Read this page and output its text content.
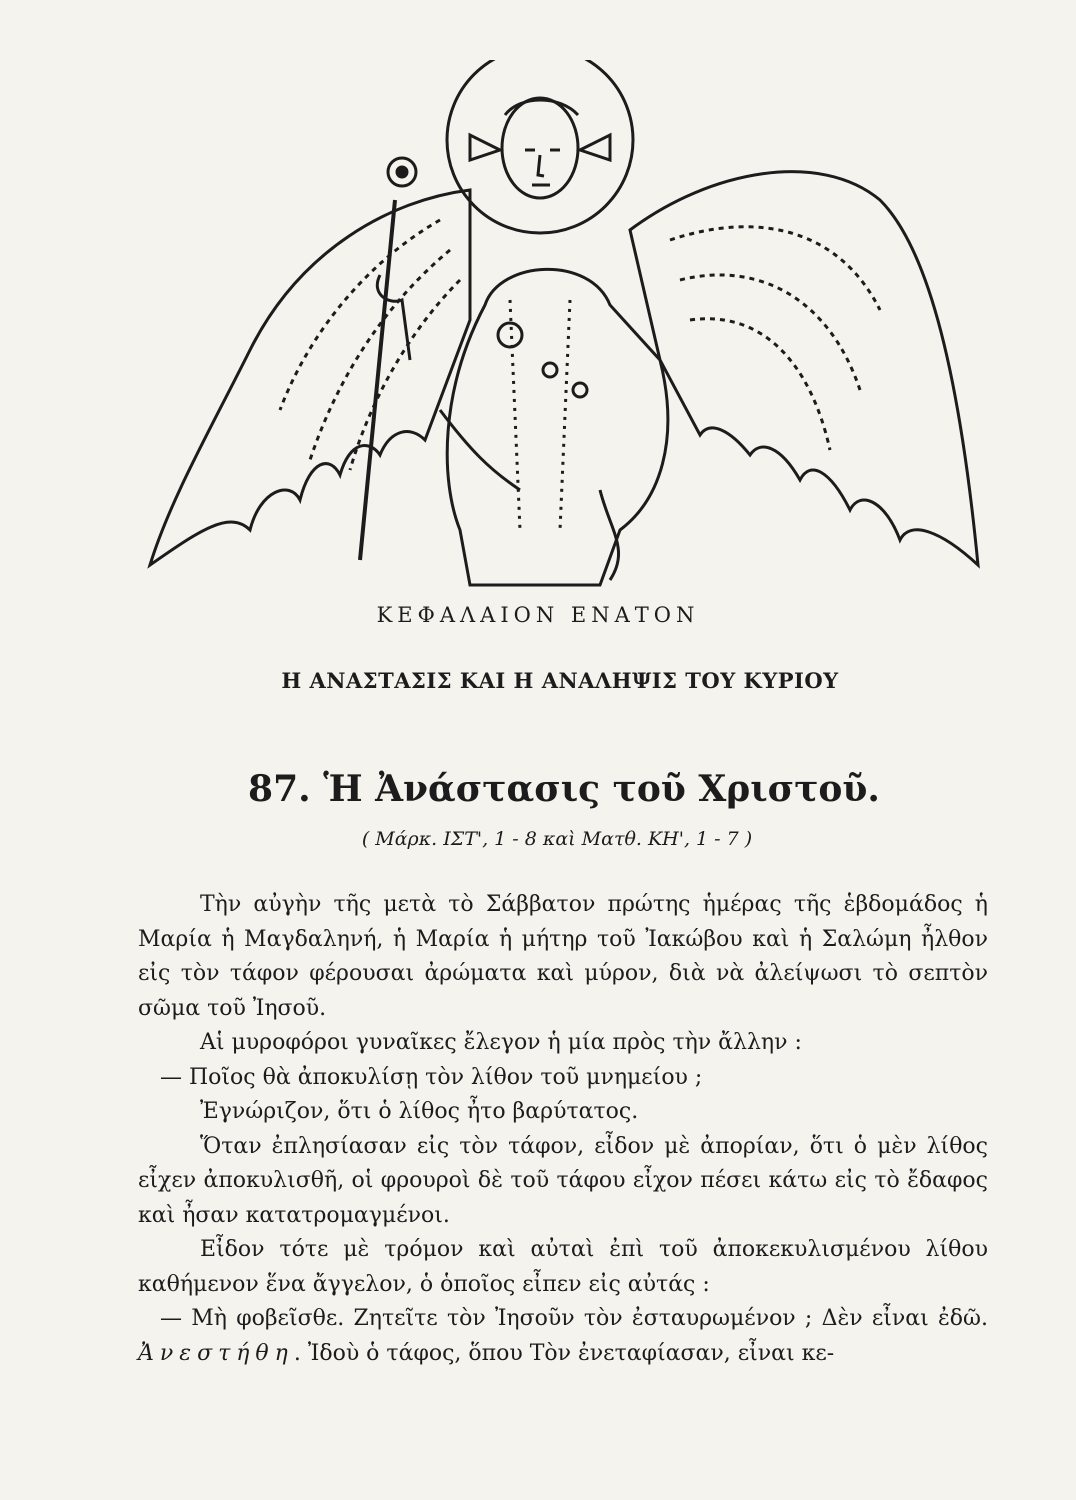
ΚΕΦΑΛΑΙΟΝ ΕΝΑΤΟΝ
Η ΑΝΑΣΤΑΣΙΣ ΚΑΙ Η ΑΝΑΛΗΨΙΣ ΤΟΥ ΚΥΡΙΟΥ
87. Ἡ Ἀνάστασις τοῦ Χριστοῦ.
( Μάρκ. ΙΣΤ', 1 - 8 καὶ Ματθ. ΚΗ', 1 - 7 )

Τὴν αὐγὴν τῆς μετὰ τὸ Σάββατον πρώτης ἡμέρας τῆς ἑβδομάδος ἡ Μαρία ἡ Μαγδαληνή, ἡ Μαρία ἡ μήτηρ τοῦ Ἰακώβου καὶ ἡ Σαλώμη ἦλθον εἰς τὸν τάφον φέρουσαι ἀρώματα καὶ μύρον, διὰ νὰ ἀλείψωσι τὸ σεπτὸν σῶμα τοῦ Ἰησοῦ.

Αἱ μυροφόροι γυναῖκες ἔλεγον ἡ μία πρὸς τὴν ἄλλην :

— Ποῖος θὰ ἀποκυλίσῃ τὸν λίθον τοῦ μνημείου ;

Ἐγνώριζον, ὅτι ὁ λίθος ἦτο βαρύτατος.

Ὅταν ἐπλησίασαν εἰς τὸν τάφον, εἶδον μὲ ἀπορίαν, ὅτι ὁ μὲν λίθος εἶχεν ἀποκυλισθῆ, οἱ φρουροὶ δὲ τοῦ τάφου εἶχον πέσει κάτω εἰς τὸ ἔδαφος καὶ ἦσαν κατατρομαγμένοι.

Εἶδον τότε μὲ τρόμον καὶ αὐταὶ ἐπὶ τοῦ ἀποκεκυλισμένου λίθου καθήμενον ἕνα ἄγγελον, ὁ ὁποῖος εἶπεν εἰς αὐτάς :

— Μὴ φοβεῖσθε. Ζητεῖτε τὸν Ἰησοῦν τὸν ἐσταυρωμένον ; Δὲν εἶναι ἐδῶ. Ἀνεστήθη. Ἰδοὺ ὁ τάφος, ὅπου Τὸν ἐνεταφίασαν, εἶναι κε-
